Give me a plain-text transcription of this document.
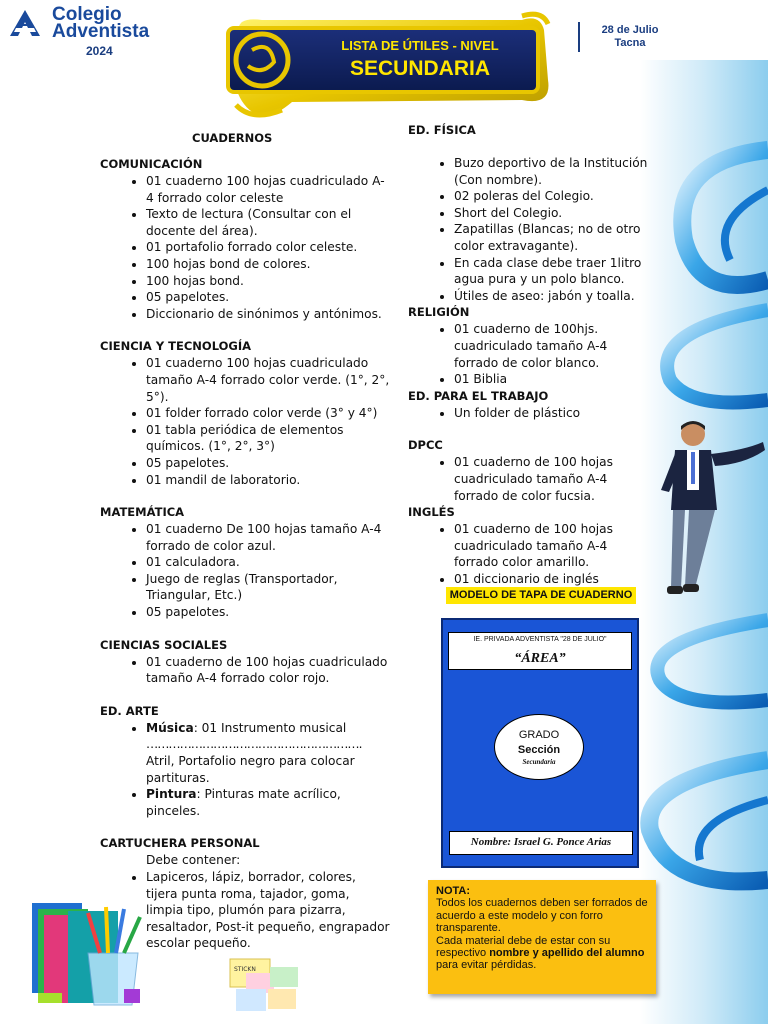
Colegio
Adventista
2024	LISTA DE ÚTILES - NIVEL
SECUNDARIA
28 de Julio
Tacna
CUADERNOS
COMUNICACIÓN
• 01 cuaderno 100 hojas cuadriculado A-4 forrado color celeste
• Texto de lectura (Consultar con el docente del área).
• 01 portafolio forrado color celeste.
• 100 hojas bond de colores.
• 100 hojas bond.
• 05 papelotes.
• Diccionario de sinónimos y antónimos.
CIENCIA Y TECNOLOGÍA
• 01 cuaderno 100 hojas cuadriculado tamaño A-4 forrado color verde. (1°, 2°, 5°).
• 01 folder forrado color verde (3° y 4°)
• 01 tabla periódica de elementos químicos. (1°, 2°, 3°)
• 05 papelotes.
• 01 mandil de laboratorio.
MATEMÁTICA
• 01 cuaderno De 100 hojas tamaño A-4 forrado de color azul.
• 01 calculadora.
• Juego de reglas (Transportador, Triangular, Etc.)
• 05 papelotes.
CIENCIAS SOCIALES
• 01 cuaderno de 100 hojas cuadriculado tamaño A-4 forrado color rojo.
ED. ARTE
• Música: 01 Instrumento musical
………………………………………………….
Atril, Portafolio negro para colocar partituras.
• Pintura: Pinturas mate acrílico, pinceles.
CARTUCHERA PERSONAL
Debe contener:
• Lapiceros, lápiz, borrador, colores, tijera punta roma, tajador, goma, limpia tipo, plumón para pizarra, resaltador, Post-it pequeño, engrapador escolar pequeño.
ED. FÍSICA
• Buzo deportivo de la Institución (Con nombre).
• 02 poleras del Colegio.
• Short del Colegio.
• Zapatillas (Blancas; no de otro color extravagante).
• En cada clase debe traer 1litro agua pura y un polo blanco.
• Útiles de aseo: jabón y toalla.
RELIGIÓN
• 01 cuaderno de 100hjs. cuadriculado tamaño A-4 forrado de color blanco.
• 01 Biblia
ED. PARA EL TRABAJO
• Un folder de plástico
DPCC
• 01 cuaderno de 100 hojas cuadriculado tamaño A-4 forrado de color fucsia.
INGLÉS
• 01 cuaderno de 100 hojas cuadriculado tamaño A-4 forrado color amarillo.
• 01 diccionario de inglés
MODELO DE TAPA DE CUADERNO
IE. PRIVADA ADVENTISTA "28 DE JULIO"
“ÁREA”
GRADO
Sección
Secundaria
Nombre: Israel G. Ponce Arias
NOTA:
Todos los cuadernos deben ser forrados de acuerdo a este modelo y con forro transparente.
Cada material debe de estar con su respectivo nombre y apellido del alumno para evitar pérdidas.
STICKN
